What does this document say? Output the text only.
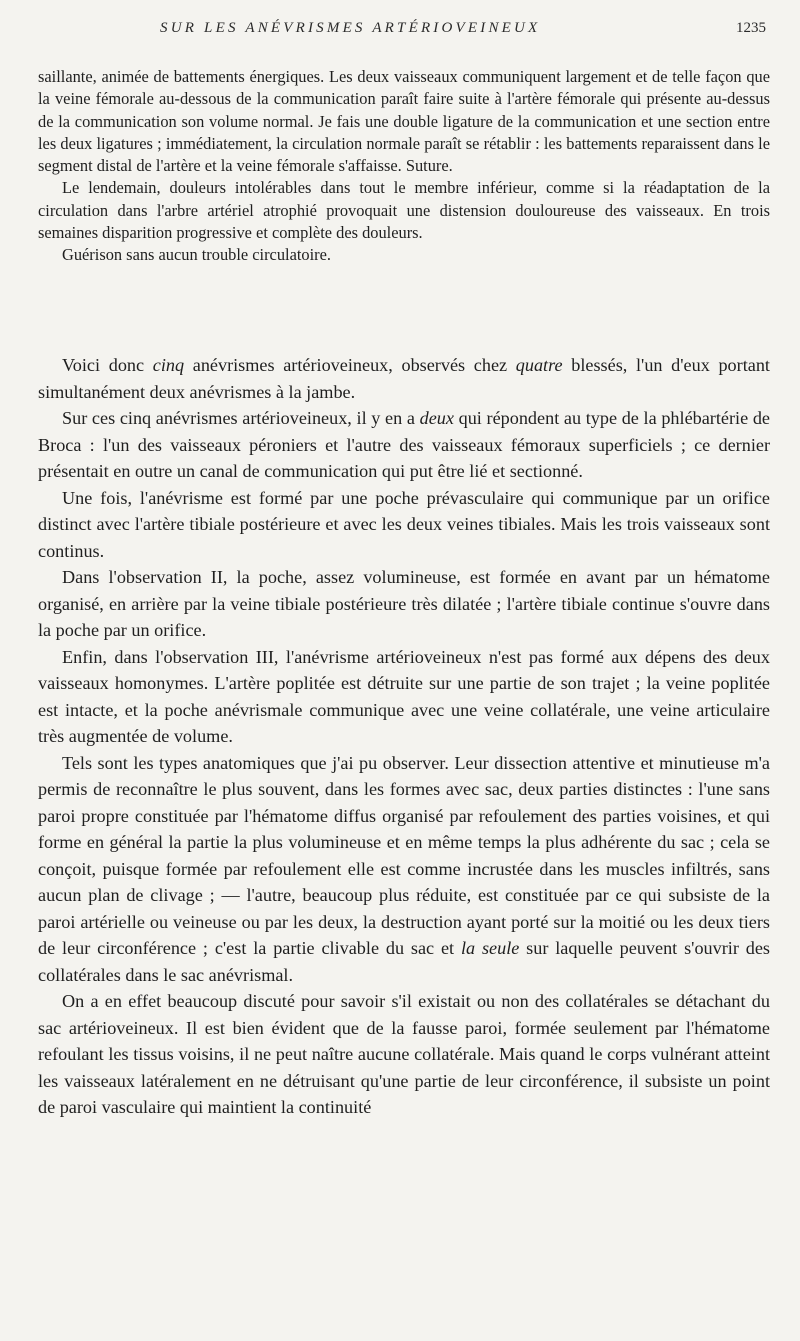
SUR LES ANÉVRISMES ARTÉRIOVEINEUX	1235

saillante, animée de battements énergiques. Les deux vaisseaux communiquent largement et de telle façon que la veine fémorale au-dessous de la communication paraît faire suite à l'artère fémorale qui présente au-dessus de la communication son volume normal. Je fais une double ligature de la communication et une section entre les deux ligatures ; immédiatement, la circulation normale paraît se rétablir : les battements reparaissent dans le segment distal de l'artère et la veine fémorale s'affaisse. Suture.

Le lendemain, douleurs intolérables dans tout le membre inférieur, comme si la réadaptation de la circulation dans l'arbre artériel atrophié provoquait une distension douloureuse des vaisseaux. En trois semaines disparition progressive et complète des douleurs.

Guérison sans aucun trouble circulatoire.

Voici donc cinq anévrismes artérioveineux, observés chez quatre blessés, l'un d'eux portant simultanément deux anévrismes à la jambe.

Sur ces cinq anévrismes artérioveineux, il y en a deux qui répondent au type de la phlébartérie de Broca : l'un des vaisseaux péroniers et l'autre des vaisseaux fémoraux superficiels ; ce dernier présentait en outre un canal de communication qui put être lié et sectionné.

Une fois, l'anévrisme est formé par une poche prévasculaire qui communique par un orifice distinct avec l'artère tibiale postérieure et avec les deux veines tibiales. Mais les trois vaisseaux sont continus.

Dans l'observation II, la poche, assez volumineuse, est formée en avant par un hématome organisé, en arrière par la veine tibiale postérieure très dilatée ; l'artère tibiale continue s'ouvre dans la poche par un orifice.

Enfin, dans l'observation III, l'anévrisme artérioveineux n'est pas formé aux dépens des deux vaisseaux homonymes. L'artère poplitée est détruite sur une partie de son trajet ; la veine poplitée est intacte, et la poche anévrismale communique avec une veine collatérale, une veine articulaire très augmentée de volume.

Tels sont les types anatomiques que j'ai pu observer. Leur dissection attentive et minutieuse m'a permis de reconnaître le plus souvent, dans les formes avec sac, deux parties distinctes : l'une sans paroi propre constituée par l'hématome diffus organisé par refoulement des parties voisines, et qui forme en général la partie la plus volumineuse et en même temps la plus adhérente du sac ; cela se conçoit, puisque formée par refoulement elle est comme incrustée dans les muscles infiltrés, sans aucun plan de clivage ; — l'autre, beaucoup plus réduite, est constituée par ce qui subsiste de la paroi artérielle ou veineuse ou par les deux, la destruction ayant porté sur la moitié ou les deux tiers de leur circonférence ; c'est la partie clivable du sac et la seule sur laquelle peuvent s'ouvrir des collatérales dans le sac anévrismal.

On a en effet beaucoup discuté pour savoir s'il existait ou non des collatérales se détachant du sac artérioveineux. Il est bien évident que de la fausse paroi, formée seulement par l'hématome refoulant les tissus voisins, il ne peut naître aucune collatérale. Mais quand le corps vulnérant atteint les vaisseaux latéralement en ne détruisant qu'une partie de leur circonférence, il subsiste un point de paroi vasculaire qui maintient la continuité
